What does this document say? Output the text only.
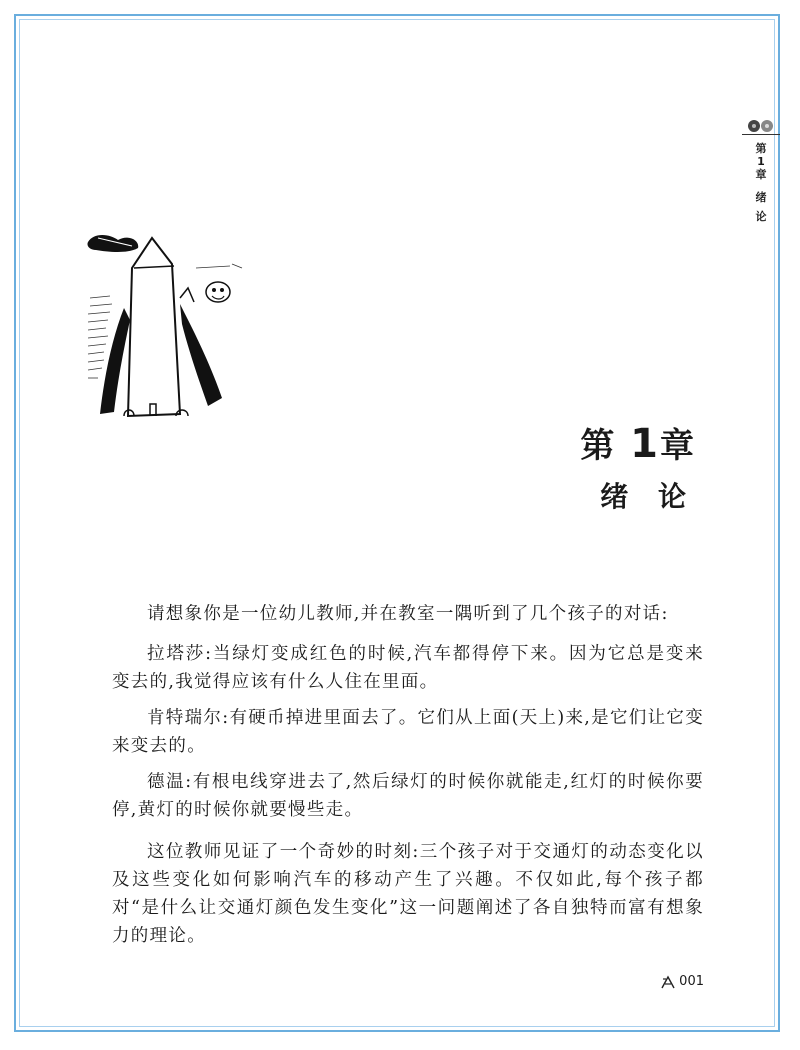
第
1
章
绪
论
第 1章
绪 论

请想象你是一位幼儿教师,并在教室一隅听到了几个孩子的对话:

拉塔莎:当绿灯变成红色的时候,汽车都得停下来。因为它总是变来变去的,我觉得应该有什么人住在里面。

肯特瑞尔:有硬币掉进里面去了。它们从上面(天上)来,是它们让它变来变去的。

德温:有根电线穿进去了,然后绿灯的时候你就能走,红灯的时候你要停,黄灯的时候你就要慢些走。

这位教师见证了一个奇妙的时刻:三个孩子对于交通灯的动态变化以及这些变化如何影响汽车的移动产生了兴趣。不仅如此,每个孩子都对“是什么让交通灯颜色发生变化”这一问题阐述了各自独特而富有想象力的理论。

001
